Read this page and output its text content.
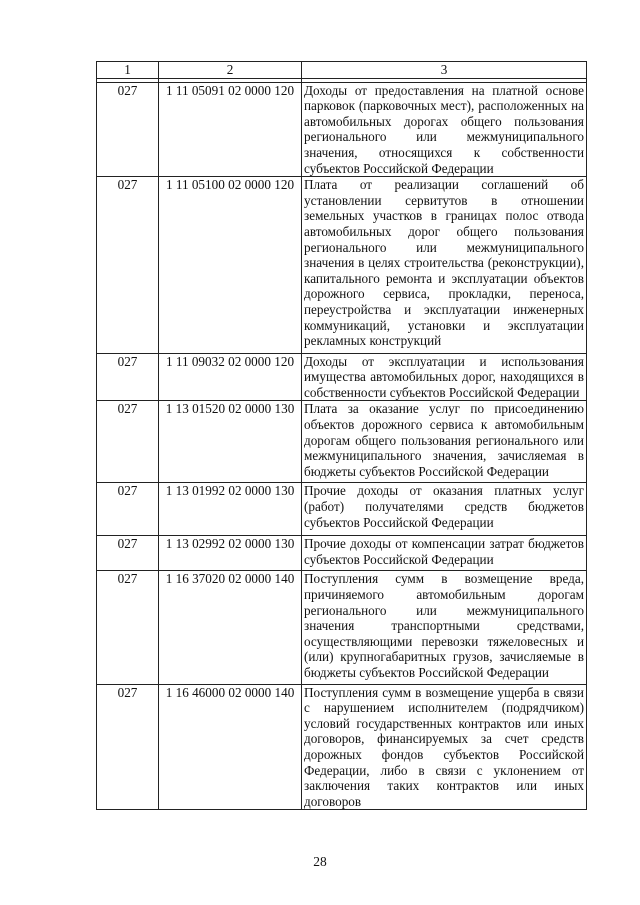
1	2	3

027	1 11 05091 02 0000 120	Доходы от предоставления на платной основе парковок (парковочных мест), расположенных на автомобильных дорогах общего пользования регионального или межмуниципального значения, относящихся к собственности субъектов Российской Федерации
027	1 11 05100 02 0000 120	Плата от реализации соглашений об установлении сервитутов в отношении земельных участков в границах полос отвода автомобильных дорог общего пользования регионального или межмуниципального значения в целях строительства (реконструкции), капитального ремонта и эксплуатации объектов дорожного сервиса, прокладки, переноса, переустройства и эксплуатации инженерных коммуникаций, установки и эксплуатации рекламных конструкций
027	1 11 09032 02 0000 120	Доходы от эксплуатации и использования имущества автомобильных дорог, находящихся в собственности субъектов Российской Федерации
027	1 13 01520 02 0000 130	Плата за оказание услуг по присоединению объектов дорожного сервиса к автомобильным дорогам общего пользования регионального или межмуниципального значения, зачисляемая в бюджеты субъектов Российской Федерации
027	1 13 01992 02 0000 130	Прочие доходы от оказания платных услуг (работ) получателями средств бюджетов субъектов Российской Федерации
027	1 13 02992 02 0000 130	Прочие доходы от компенсации затрат бюджетов субъектов Российской Федерации
027	1 16 37020 02 0000 140	Поступления сумм в возмещение вреда, причиняемого автомобильным дорогам регионального или межмуниципального значения транспортными средствами, осуществляющими перевозки тяжеловесных и (или) крупногабаритных грузов, зачисляемые в бюджеты субъектов Российской Федерации
027	1 16 46000 02 0000 140	Поступления сумм в возмещение ущерба в связи с нарушением исполнителем (подрядчиком) условий государственных контрактов или иных договоров, финансируемых за счет средств дорожных фондов субъектов Российской Федерации, либо в связи с уклонением от заключения таких контрактов или иных договоров
28
